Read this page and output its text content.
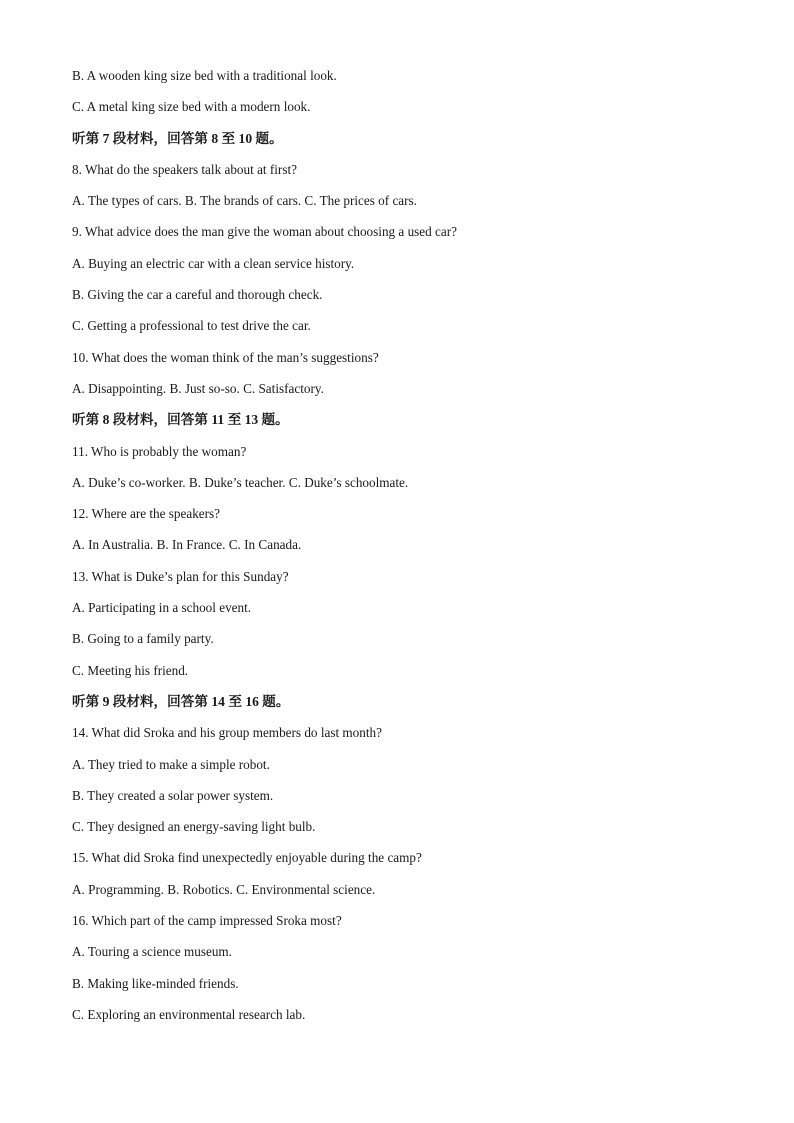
B. A wooden king size bed with a traditional look.
C. A metal king size bed with a modern look.
听第 7 段材料，回答第 8 至 10 题。
8. What do the speakers talk about at first?
A. The types of cars. B. The brands of cars. C. The prices of cars.
9. What advice does the man give the woman about choosing a used car?
A. Buying an electric car with a clean service history.
B. Giving the car a careful and thorough check.
C. Getting a professional to test drive the car.
10. What does the woman think of the man’s suggestions?
A. Disappointing. B. Just so-so. C. Satisfactory.
听第 8 段材料，回答第 11 至 13 题。
11. Who is probably the woman?
A. Duke’s co-worker. B. Duke’s teacher. C. Duke’s schoolmate.
12. Where are the speakers?
A. In Australia. B. In France. C. In Canada.
13. What is Duke’s plan for this Sunday?
A. Participating in a school event.
B. Going to a family party.
C. Meeting his friend.
听第 9 段材料，回答第 14 至 16 题。
14. What did Sroka and his group members do last month?
A. They tried to make a simple robot.
B. They created a solar power system.
C. They designed an energy-saving light bulb.
15. What did Sroka find unexpectedly enjoyable during the camp?
A. Programming. B. Robotics. C. Environmental science.
16. Which part of the camp impressed Sroka most?
A. Touring a science museum.
B. Making like-minded friends.
C. Exploring an environmental research lab.
